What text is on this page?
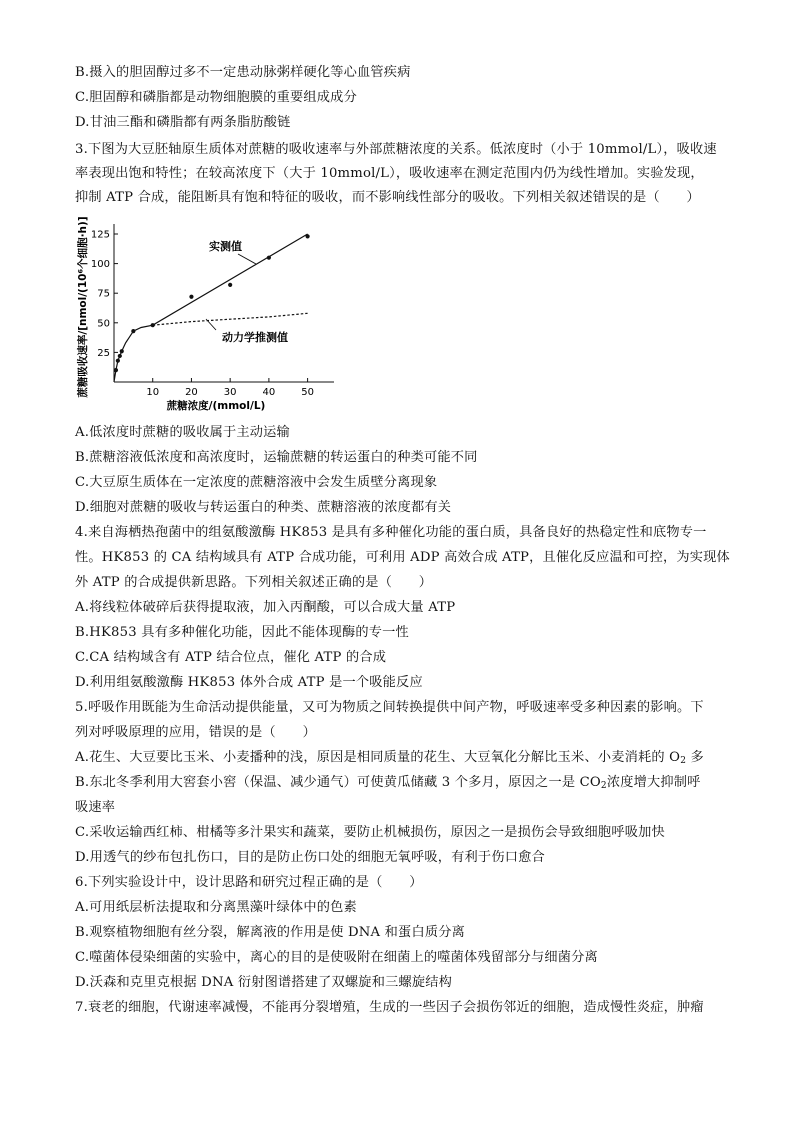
B.摄入的胆固醇过多不一定患动脉粥样硬化等心血管疾病
C.胆固醇和磷脂都是动物细胞膜的重要组成成分
D.甘油三酯和磷脂都有两条脂肪酸链
3.下图为大豆胚轴原生质体对蔗糖的吸收速率与外部蔗糖浓度的关系。低浓度时（小于 10mmol/L），吸收速
率表现出饱和特性；在较高浓度下（大于 10mmol/L），吸收速率在测定范围内仍为线性增加。实验发现，
抑制 ATP 合成，能阻断具有饱和特征的吸收，而不影响线性部分的吸收。下列相关叙述错误的是（　　）
蔗糖吸收速率/[nmol/(10⁶个细胞·h)]	10	20	30	40	50
25
50
75
100
125
蔗糖浓度/(mmol/L)
实测值
动力学推测值
A.低浓度时蔗糖的吸收属于主动运输
B.蔗糖溶液低浓度和高浓度时，运输蔗糖的转运蛋白的种类可能不同
C.大豆原生质体在一定浓度的蔗糖溶液中会发生质壁分离现象
D.细胞对蔗糖的吸收与转运蛋白的种类、蔗糖溶液的浓度都有关
4.来自海栖热孢菌中的组氨酸激酶 HK853 是具有多种催化功能的蛋白质，具备良好的热稳定性和底物专一
性。HK853 的 CA 结构域具有 ATP 合成功能，可利用 ADP 高效合成 ATP，且催化反应温和可控，为实现体
外 ATP 的合成提供新思路。下列相关叙述正确的是（　　）
A.将线粒体破碎后获得提取液，加入丙酮酸，可以合成大量 ATP
B.HK853 具有多种催化功能，因此不能体现酶的专一性
C.CA 结构域含有 ATP 结合位点，催化 ATP 的合成
D.利用组氨酸激酶 HK853 体外合成 ATP 是一个吸能反应
5.呼吸作用既能为生命活动提供能量，又可为物质之间转换提供中间产物，呼吸速率受多种因素的影响。下
列对呼吸原理的应用，错误的是（　　）
A.花生、大豆要比玉米、小麦播种的浅，原因是相同质量的花生、大豆氧化分解比玉米、小麦消耗的 $O_2$ 多
B.东北冬季利用大窖套小窖（保温、减少通气）可使黄瓜储藏 3 个多月，原因之一是 $CO_2$浓度增大抑制呼
吸速率
C.采收运输西红柿、柑橘等多汁果实和蔬菜，要防止机械损伤，原因之一是损伤会导致细胞呼吸加快
D.用透气的纱布包扎伤口，目的是防止伤口处的细胞无氧呼吸，有利于伤口愈合
6.下列实验设计中，设计思路和研究过程正确的是（　　）
A.可用纸层析法提取和分离黑藻叶绿体中的色素
B.观察植物细胞有丝分裂，解离液的作用是使 DNA 和蛋白质分离
C.噬菌体侵染细菌的实验中，离心的目的是使吸附在细菌上的噬菌体残留部分与细菌分离
D.沃森和克里克根据 DNA 衍射图谱搭建了双螺旋和三螺旋结构
7.衰老的细胞，代谢速率减慢，不能再分裂增殖，生成的一些因子会损伤邻近的细胞，造成慢性炎症，肿瘤
